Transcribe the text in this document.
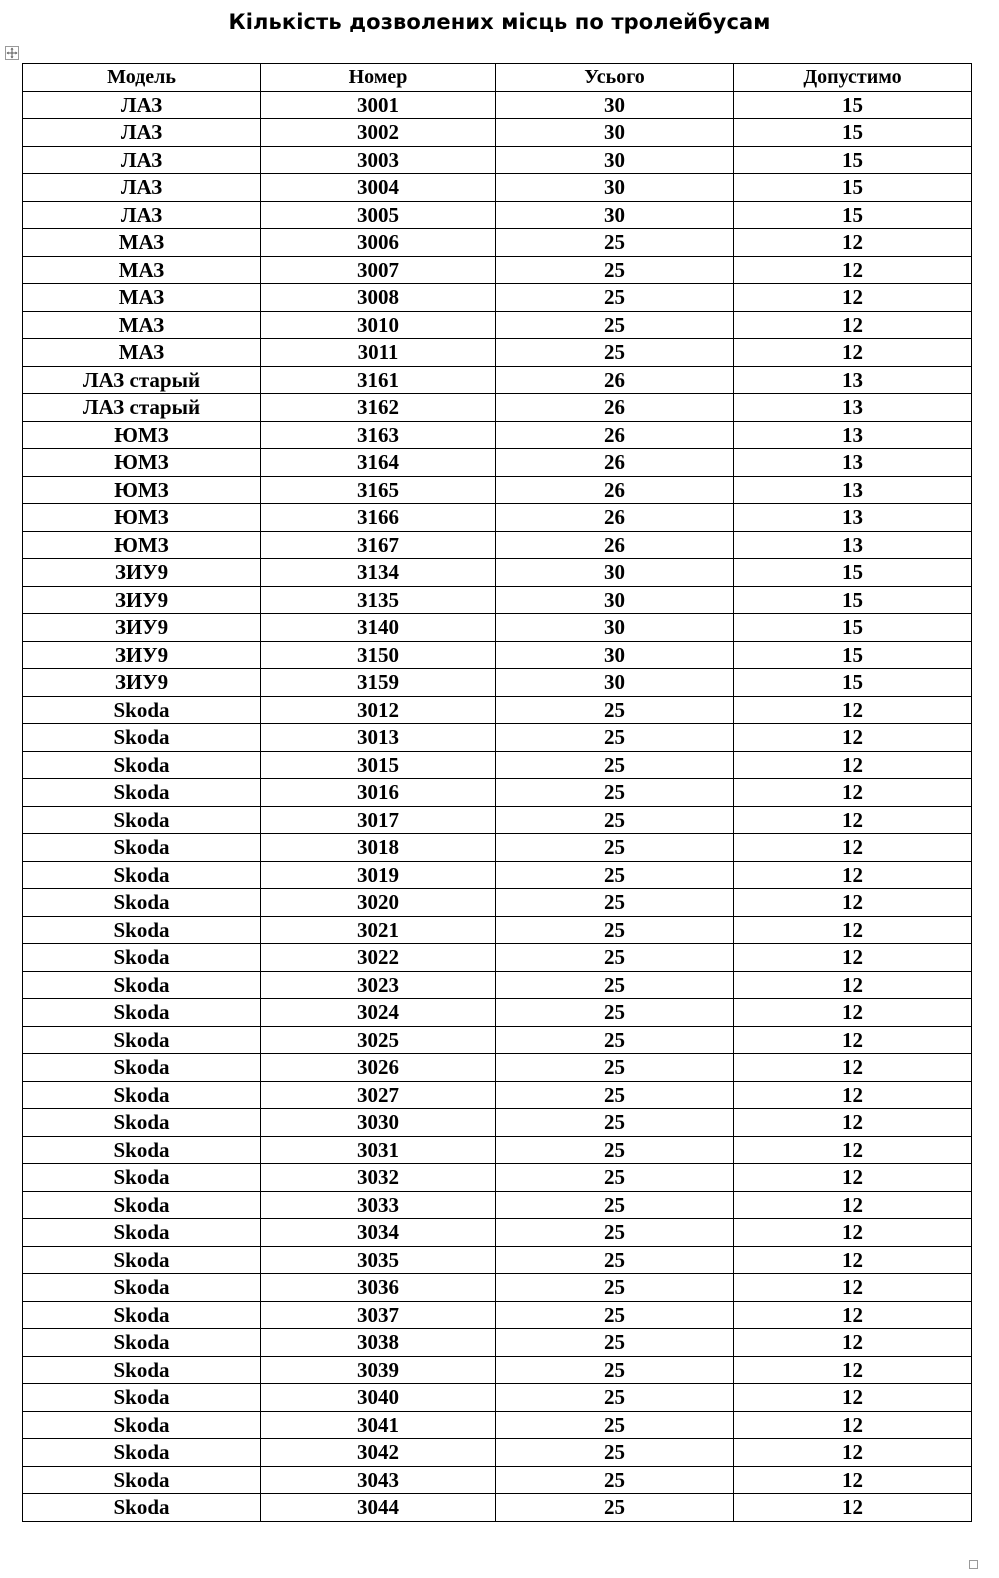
Кількість дозволених місць по тролейбусам
Модель	Номер	Усього	Допустимо
ЛАЗ	3001	30	15
ЛАЗ	3002	30	15
ЛАЗ	3003	30	15
ЛАЗ	3004	30	15
ЛАЗ	3005	30	15
МАЗ	3006	25	12
МАЗ	3007	25	12
МАЗ	3008	25	12
МАЗ	3010	25	12
МАЗ	3011	25	12
ЛАЗ старый	3161	26	13
ЛАЗ старый	3162	26	13
ЮМЗ	3163	26	13
ЮМЗ	3164	26	13
ЮМЗ	3165	26	13
ЮМЗ	3166	26	13
ЮМЗ	3167	26	13
ЗИУ9	3134	30	15
ЗИУ9	3135	30	15
ЗИУ9	3140	30	15
ЗИУ9	3150	30	15
ЗИУ9	3159	30	15
Skoda	3012	25	12
Skoda	3013	25	12
Skoda	3015	25	12
Skoda	3016	25	12
Skoda	3017	25	12
Skoda	3018	25	12
Skoda	3019	25	12
Skoda	3020	25	12
Skoda	3021	25	12
Skoda	3022	25	12
Skoda	3023	25	12
Skoda	3024	25	12
Skoda	3025	25	12
Skoda	3026	25	12
Skoda	3027	25	12
Skoda	3030	25	12
Skoda	3031	25	12
Skoda	3032	25	12
Skoda	3033	25	12
Skoda	3034	25	12
Skoda	3035	25	12
Skoda	3036	25	12
Skoda	3037	25	12
Skoda	3038	25	12
Skoda	3039	25	12
Skoda	3040	25	12
Skoda	3041	25	12
Skoda	3042	25	12
Skoda	3043	25	12
Skoda	3044	25	12
